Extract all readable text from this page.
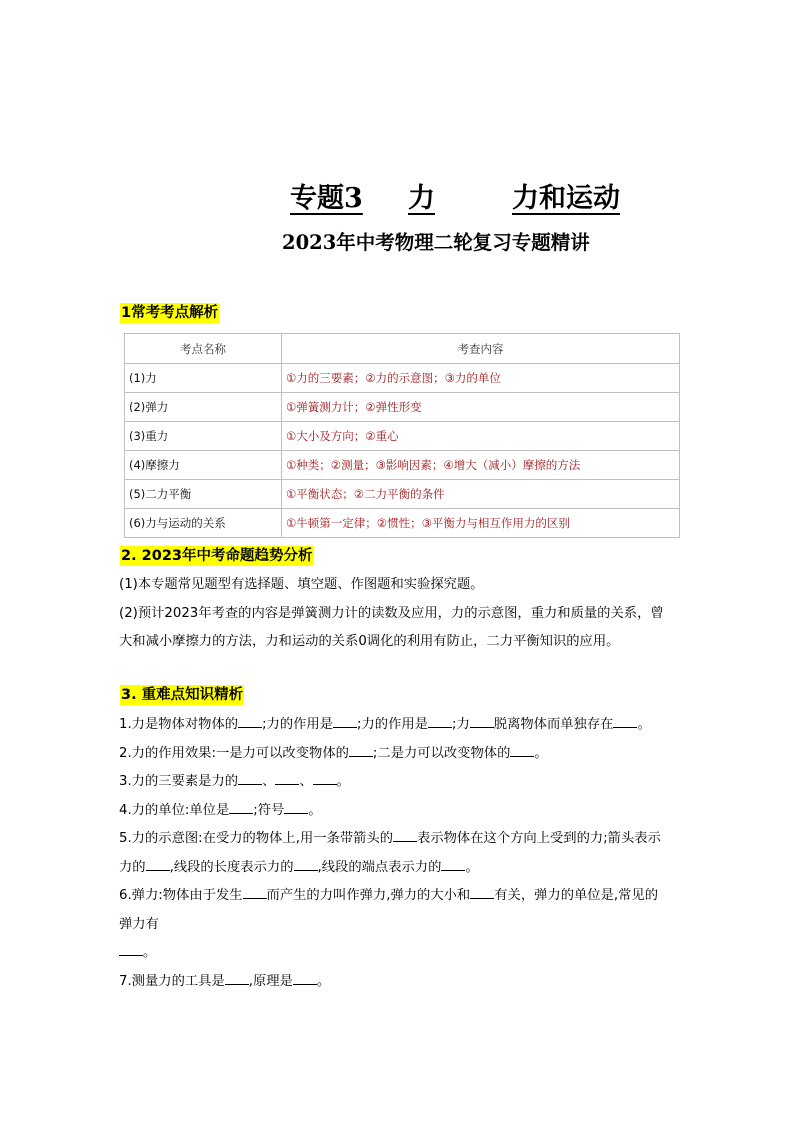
专题3 力	力和运动
2023年中考物理二轮复习专题精讲
1常考考点解析
考点名称	考查内容
(1)力	①力的三要素；②力的示意图；③力的单位
(2)弹力	①弹簧测力计；②弹性形变
(3)重力	①大小及方向；②重心
(4)摩擦力	①种类；②测量；③影响因素；④增大（减小）摩擦的方法
(5)二力平衡	①平衡状态；②二力平衡的条件
(6)力与运动的关系	①牛顿第一定律；②惯性；③平衡力与相互作用力的区别
2. 2023年中考命题趋势分析

(1)本专题常见题型有选择题、填空题、作图题和实验探究题。

(2)预计2023年考查的内容是弹簧测力计的读数及应用，力的示意图，重力和质量的关系，曾大和减小摩擦力的方法，力和运动的关系0调化的利用有防止，二力平衡知识的应用。

3. 重难点知识精析

1.力是物体对物体的 ;力的作用是 ;力的作用是 ;力 脱离物体而单独存在 。

2.力的作用效果:一是力可以改变物体的 ;二是力可以改变物体的 。

3.力的三要素是力的 、 、 。

4.力的单位:单位是 ;符号 。

5.力的示意图:在受力的物体上,用一条带箭头的 表示物体在这个方向上受到的力;箭头表示力的 ,线段的长度表示力的 ,线段的端点表示力的 。

6.弹力:物体由于发生 而产生的力叫作弹力,弹力的大小和 有关，弹力的单位是,常见的弹力有
。

7.测量力的工具是 ,原理是 。
